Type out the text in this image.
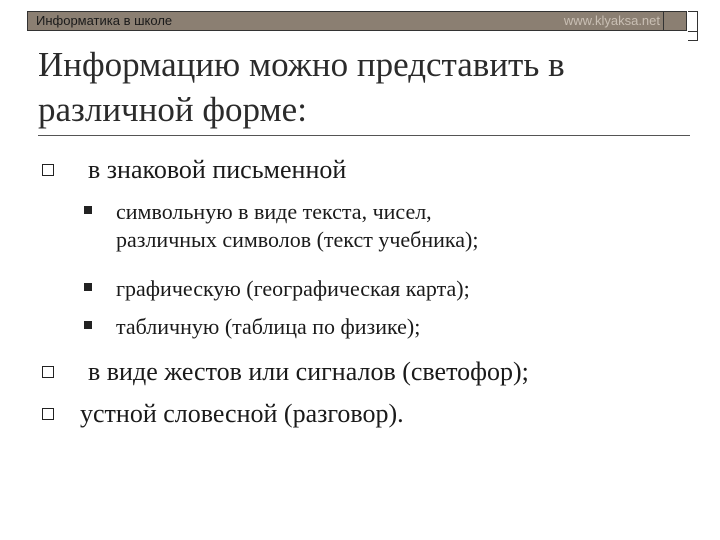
Информатика в школе	www.klyaksa.net
Информацию можно представить в
различной форме:
в знаковой письменной
символьную в виде текста, чисел,
различных символов (текст учебника);
графическую (географическая карта);
табличную (таблица по физике);
в виде жестов или сигналов (светофор);
устной словесной (разговор).
